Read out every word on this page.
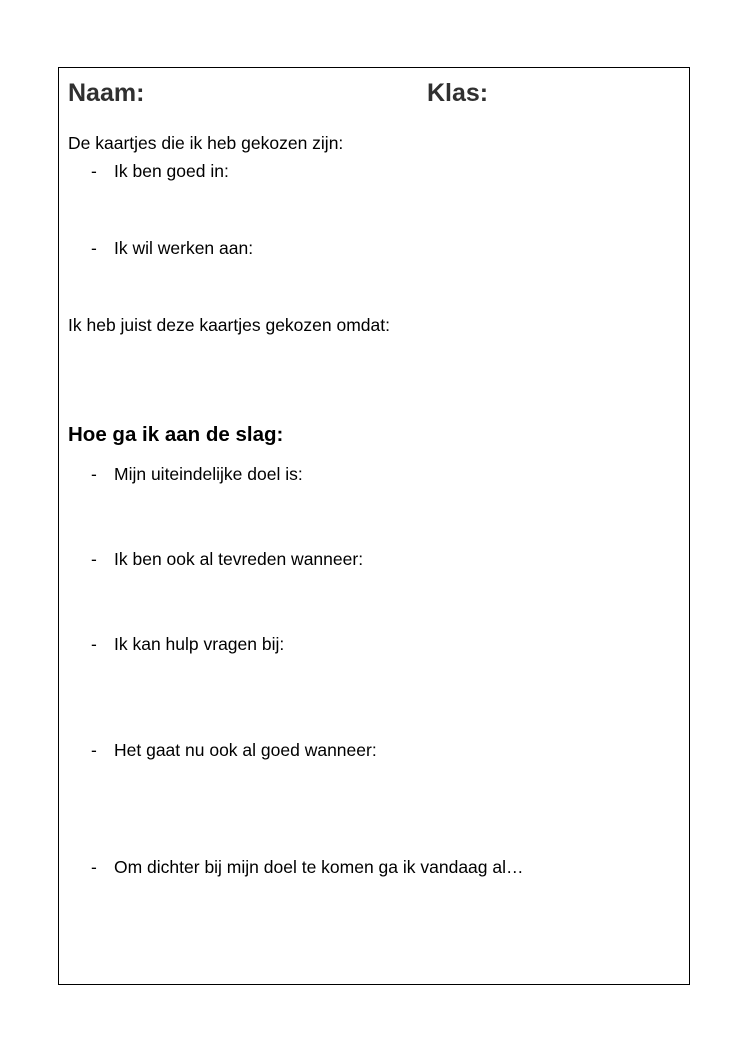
Naam:	Klas:
De kaartjes die ik heb gekozen zijn:
- Ik ben goed in:
- Ik wil werken aan:
Ik heb juist deze kaartjes gekozen omdat:
Hoe ga ik aan de slag:
- Mijn uiteindelijke doel is:
- Ik ben ook al tevreden wanneer:
- Ik kan hulp vragen bij:
- Het gaat nu ook al goed wanneer:
- Om dichter bij mijn doel te komen ga ik vandaag al…
